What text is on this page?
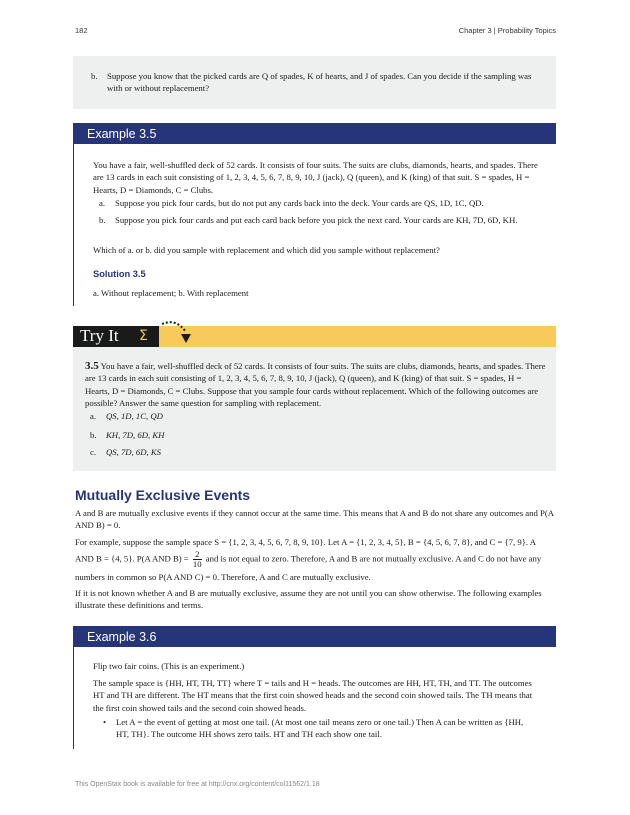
182	Chapter 3 | Probability Topics
b. Suppose you know that the picked cards are Q of spades, K of hearts, and J of spades. Can you decide if the sampling was with or without replacement?
Example 3.5

You have a fair, well-shuffled deck of 52 cards. It consists of four suits. The suits are clubs, diamonds, hearts, and spades. There are 13 cards in each suit consisting of 1, 2, 3, 4, 5, 6, 7, 8, 9, 10, J (jack), Q (queen), and K (king) of that suit. S = spades, H = Hearts, D = Diamonds, C = Clubs.

a. Suppose you pick four cards, but do not put any cards back into the deck. Your cards are QS, 1D, 1C, QD.
b. Suppose you pick four cards and put each card back before you pick the next card. Your cards are KH, 7D, 6D, KH.

Which of a. or b. did you sample with replacement and which did you sample without replacement?

Solution 3.5

a. Without replacement; b. With replacement

Try It Σ

3.5 You have a fair, well-shuffled deck of 52 cards. It consists of four suits. The suits are clubs, diamonds, hearts, and spades. There are 13 cards in each suit consisting of 1, 2, 3, 4, 5, 6, 7, 8, 9, 10, J (jack), Q (queen), and K (king) of that suit. S = spades, H = Hearts, D = Diamonds, C = Clubs. Suppose that you sample four cards without replacement. Which of the following outcomes are possible? Answer the same question for sampling with replacement.

a. QS, 1D, 1C, QD
b. KH, 7D, 6D, KH
c. QS, 7D, 6D, KS
Mutually Exclusive Events

A and B are mutually exclusive events if they cannot occur at the same time. This means that A and B do not share any outcomes and P(A AND B) = 0.

For example, suppose the sample space S = {1, 2, 3, 4, 5, 6, 7, 8, 9, 10}. Let A = {1, 2, 3, 4, 5}, B = {4, 5, 6, 7, 8}, and C = {7, 9}. A AND B = {4, 5}. P(A AND $B) = \frac{2}{10}$ and is not equal to zero. Therefore, A and B are not mutually exclusive. A and C do not have any numbers in common so P(A AND C) = 0. Therefore, A and C are mutually exclusive.

If it is not known whether A and B are mutually exclusive, assume they are not until you can show otherwise. The following examples illustrate these definitions and terms.

Example 3.6

Flip two fair coins. (This is an experiment.)

The sample space is {HH, HT, TH, TT} where T = tails and H = heads. The outcomes are HH, HT, TH, and TT. The outcomes HT and TH are different. The HT means that the first coin showed heads and the second coin showed tails. The TH means that the first coin showed tails and the second coin showed heads.

• Let A = the event of getting at most one tail. (At most one tail means zero or one tail.) Then A can be written as {HH, HT, TH}. The outcome HH shows zero tails. HT and TH each show one tail.
This OpenStax book is available for free at http://cnx.org/content/col11562/1.18
